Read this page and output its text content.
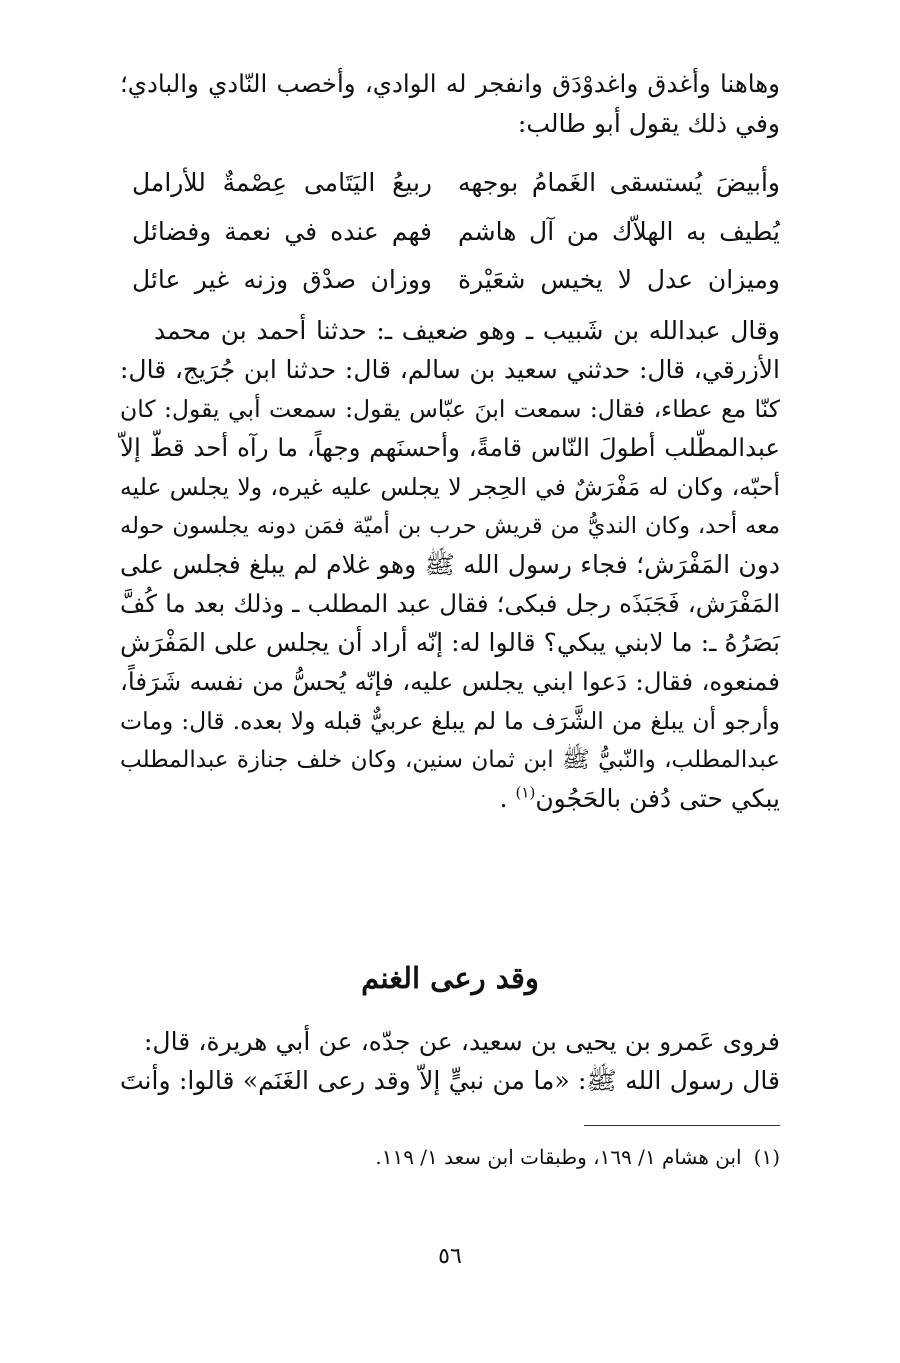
وهاهنا وأغدق واغدوْدَق وانفجر له الوادي، وأخصب النّادي والبادي؛
وفي ذلك يقول أبو طالب:
وأبيضَ يُستسقى الغَمامُ بوجهه
ربيعُ اليَتَامى عِصْمةٌ للأرامل
يُطيف به الهلاّك من آل هاشم
فهم عنده في نعمة وفضائل
وميزان عدل لا يخيس شعَيْرة
ووزان صدْق وزنه غير عائل
وقال عبدالله بن شَبيب ـ وهو ضعيف ـ: حدثنا أحمد بن محمد
الأزرقي، قال: حدثني سعيد بن سالم، قال: حدثنا ابن جُرَيج، قال:
كنّا مع عطاء، فقال: سمعت ابنَ عبّاس يقول: سمعت أبي يقول: كان
عبدالمطّلب أطولَ النّاس قامةً، وأحسنَهم وجهاً، ما رآه أحد قطّ إلاّ
أحبّه، وكان له مَفْرَشٌ في الحِجر لا يجلس عليه غيره، ولا يجلس عليه
معه أحد، وكان النديُّ من قريش حرب بن أميّة فمَن دونه يجلسون حوله
دون المَفْرَش؛ فجاء رسول الله ﷺ وهو غلام لم يبلغ فجلس على
المَفْرَش، فَجَبَذَه رجل فبكى؛ فقال عبد المطلب ـ وذلك بعد ما كُفَّ
بَصَرُهُ ـ: ما لابني يبكي؟ قالوا له: إنّه أراد أن يجلس على المَفْرَش
فمنعوه، فقال: دَعوا ابني يجلس عليه، فإنّه يُحسُّ من نفسه شَرَفاً،
وأرجو أن يبلغ من الشَّرَف ما لم يبلغ عربيٌّ قبله ولا بعده. قال: ومات
عبدالمطلب، والنّبيُّ ﷺ ابن ثمان سنين، وكان خلف جنازة عبدالمطلب
يبكي حتى دُفن بالحَجُون$^{(١)}$ .
وقد رعى الغنم
فروى عَمرو بن يحيى بن سعيد، عن جدّه، عن أبي هريرة، قال:
قال رسول الله ﷺ: «ما من نبيٍّ إلاّ وقد رعى الغَنَم» قالوا: وأنتَ
(١)ابن هشام ١/ ١٦٩، وطبقات ابن سعد ١/ ١١٩.
٥٦
